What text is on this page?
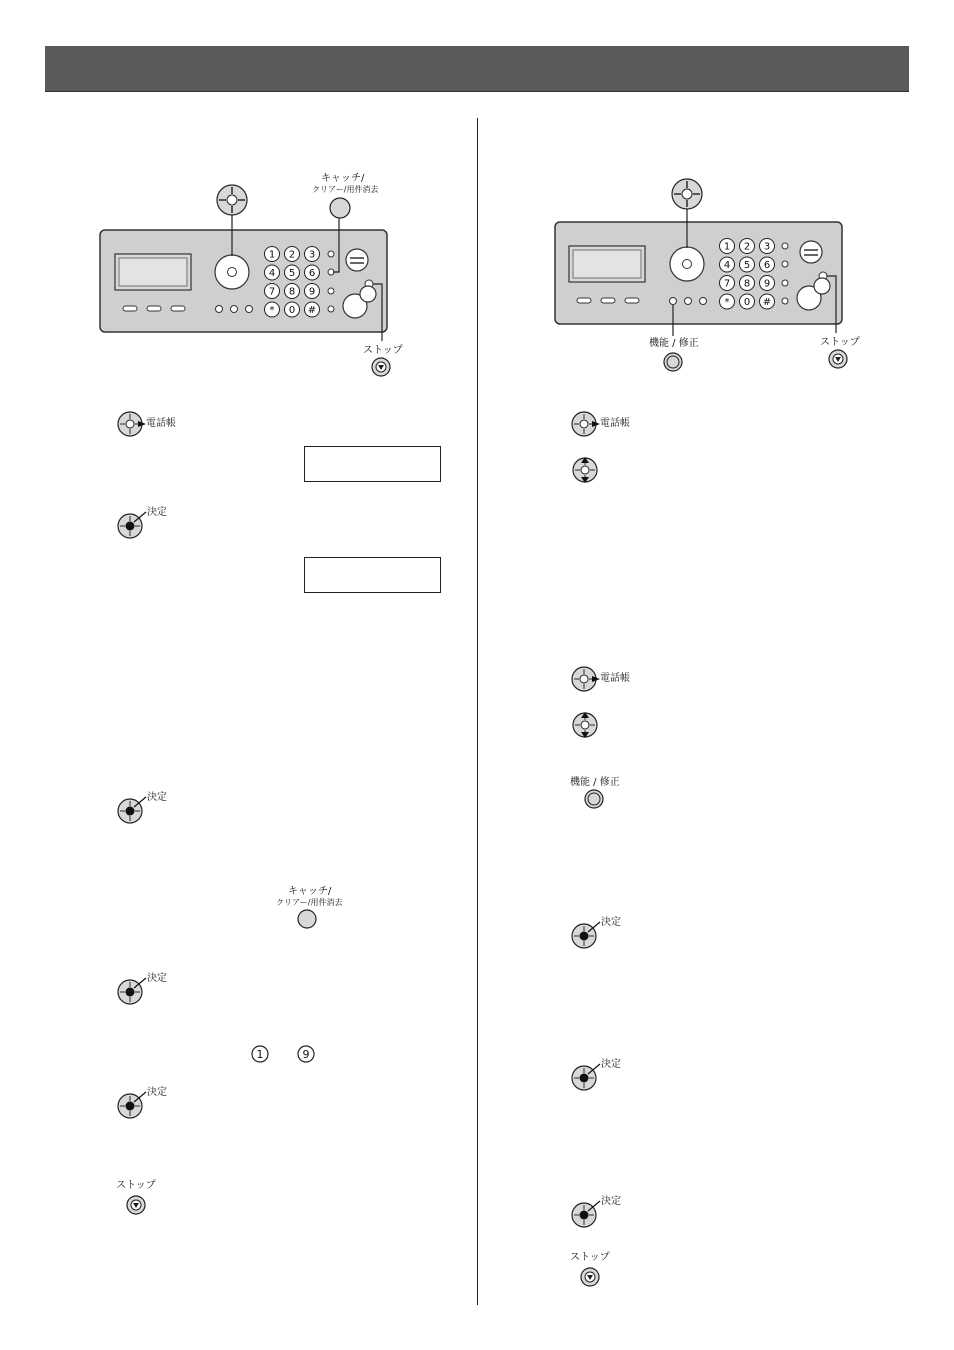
1 2 3
4 5 6
7 8 9
* 0 #
キャッチ/
クリアー/用件消去
ストップ
電話帳
決定
決定
キャッチ/
クリアー/用件消去
決定
1	9
決定
ストップ
1 2 3
4 5 6
7 8 9
* 0 #
機能 / 修正	ストップ
電話帳
電話帳
機能 / 修正
決定
決定
決定
ストップ
